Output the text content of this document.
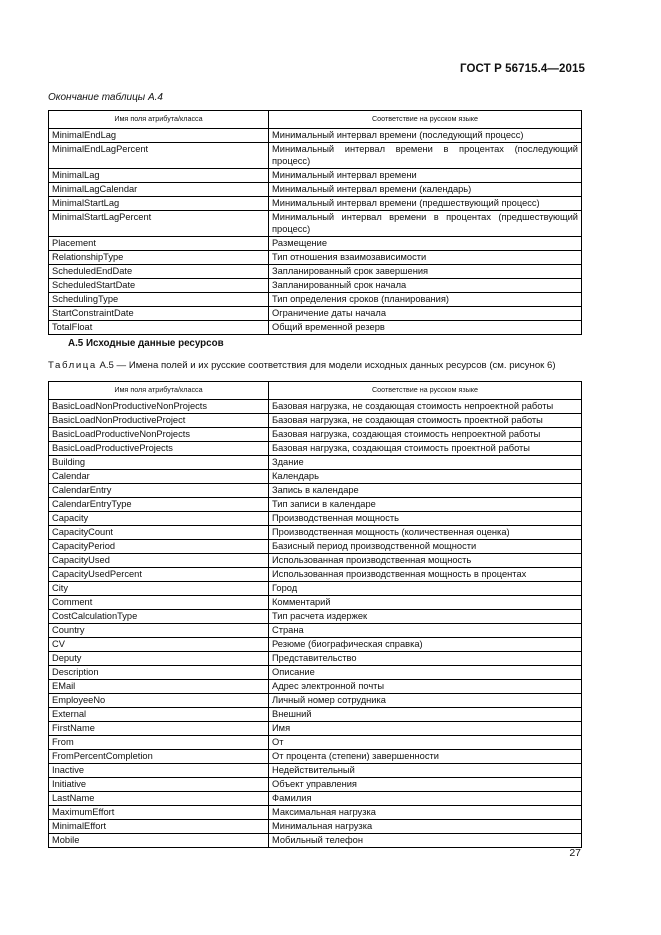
ГОСТ Р 56715.4—2015
Окончание таблицы А.4
Имя поля атрибута/класса	Соответствие на русском языке
MinimalEndLag	Минимальный интервал времени (последующий процесс)
MinimalEndLagPercent	Минимальный интервал времени в процентах (последующий процесс)
MinimalLag	Минимальный интервал времени
MinimalLagCalendar	Минимальный интервал времени (календарь)
MinimalStartLag	Минимальный интервал времени (предшествующий процесс)
MinimalStartLagPercent	Минимальный интервал времени в процентах (предшествующий процесс)
Placement	Размещение
RelationshipType	Тип отношения взаимозависимости
ScheduledEndDate	Запланированный срок завершения
ScheduledStartDate	Запланированный срок начала
SchedulingType	Тип определения сроков (планирования)
StartConstraintDate	Ограничение даты начала
TotalFloat	Общий временной резерв
А.5 Исходные данные ресурсов
Таблица А.5 — Имена полей и их русские соответствия для модели исходных данных ресурсов (см. рисунок 6)
Имя поля атрибута/класса	Соответствие на русском языке
BasicLoadNonProductiveNonProjects	Базовая нагрузка, не создающая стоимость непроектной работы
BasicLoadNonProductiveProject	Базовая нагрузка, не создающая стоимость проектной работы
BasicLoadProductiveNonProjects	Базовая нагрузка, создающая стоимость непроектной работы
BasicLoadProductiveProjects	Базовая нагрузка, создающая стоимость проектной работы
Building	Здание
Calendar	Календарь
CalendarEntry	Запись в календаре
CalendarEntryType	Тип записи в календаре
Capacity	Производственная мощность
CapacityCount	Производственная мощность (количественная оценка)
CapacityPeriod	Базисный период производственной мощности
CapacityUsed	Использованная производственная мощность
CapacityUsedPercent	Использованная производственная мощность в процентах
City	Город
Comment	Комментарий
CostCalculationType	Тип расчета издержек
Country	Страна
CV	Резюме (биографическая справка)
Deputy	Представительство
Description	Описание
EMail	Адрес электронной почты
EmployeeNo	Личный номер сотрудника
External	Внешний
FirstName	Имя
From	От
FromPercentCompletion	От процента (степени) завершенности
Inactive	Недействительный
Initiative	Объект управления
LastName	Фамилия
MaximumEffort	Максимальная нагрузка
MinimalEffort	Минимальная нагрузка
Mobile	Мобильный телефон
27
